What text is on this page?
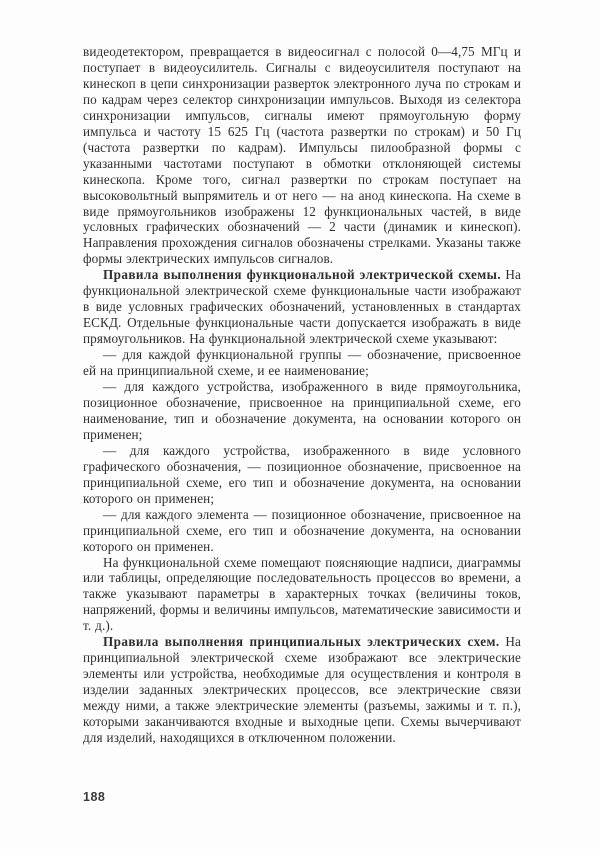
видеодетектором, превращается в видеосигнал с полосой 0—4,75 МГц и поступает в видеоусилитель. Сигналы с видеоусилителя поступают на кинескоп в цепи синхронизации разверток электронного луча по строкам и по кадрам через селектор синхронизации импульсов. Выходя из селектора синхронизации импульсов, сигналы имеют прямоугольную форму импульса и частоту 15 625 Гц (частота развертки по строкам) и 50 Гц (частота развертки по кадрам). Импульсы пилообразной формы с указанными частотами поступают в обмотки отклоняющей системы кинескопа. Кроме того, сигнал развертки по строкам поступает на высоковольтный выпрямитель и от него — на анод кинескопа. На схеме в виде прямоугольников изображены 12 функциональных частей, в виде условных графических обозначений — 2 части (динамик и кинескоп). Направления прохождения сигналов обозначены стрелками. Указаны также формы электрических импульсов сигналов.

Правила выполнения функциональной электрической схемы. На функциональной электрической схеме функциональные части изображают в виде условных графических обозначений, установленных в стандартах ЕСКД. Отдельные функциональные части допускается изображать в виде прямоугольников. На функциональной электрической схеме указывают:

— для каждой функциональной группы — обозначение, присвоенное ей на принципиальной схеме, и ее наименование;

— для каждого устройства, изображенного в виде прямоугольника, позиционное обозначение, присвоенное на принципиальной схеме, его наименование, тип и обозначение документа, на основании которого он применен;

— для каждого устройства, изображенного в виде условного графического обозначения, — позиционное обозначение, присвоенное на принципиальной схеме, его тип и обозначение документа, на основании которого он применен;

— для каждого элемента — позиционное обозначение, присвоенное на принципиальной схеме, его тип и обозначение документа, на основании которого он применен.

На функциональной схеме помещают поясняющие надписи, диаграммы или таблицы, определяющие последовательность процессов во времени, а также указывают параметры в характерных точках (величины токов, напряжений, формы и величины импульсов, математические зависимости и т. д.).

Правила выполнения принципиальных электрических схем. На принципиальной электрической схеме изображают все электрические элементы или устройства, необходимые для осуществления и контроля в изделии заданных электрических процессов, все электрические связи между ними, а также электрические элементы (разъемы, зажимы и т. п.), которыми заканчиваются входные и выходные цепи. Схемы вычерчивают для изделий, находящихся в отключенном положении.

188
